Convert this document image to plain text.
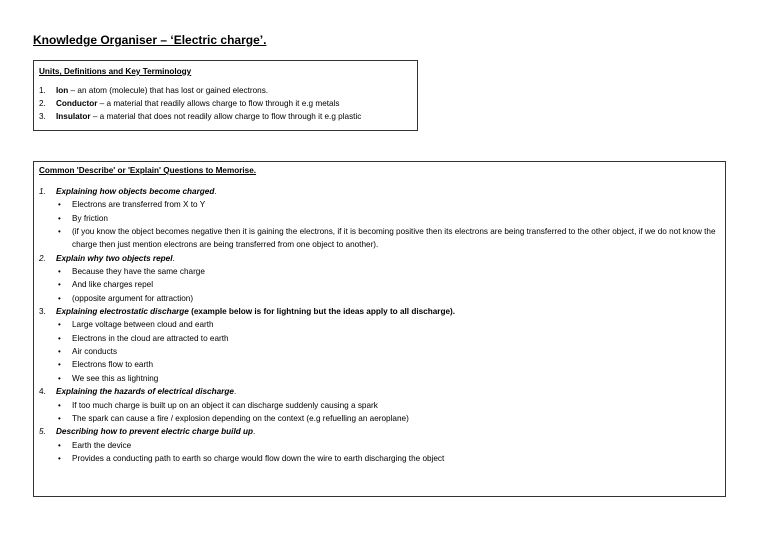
Knowledge Organiser – ‘Electric charge’.

Units, Definitions and Key Terminology

1. Ion – an atom (molecule) that has lost or gained electrons.
2. Conductor – a material that readily allows charge to flow through it e.g metals
3. Insulator – a material that does not readily allow charge to flow through it e.g plastic

Common 'Describe' or 'Explain' Questions to Memorise.

1. Explaining how objects become charged.
• Electrons are transferred from X to Y
• By friction
• (if you know the object becomes negative then it is gaining the electrons, if it is becoming positive then its electrons are being transferred to the other object, if we do not know the charge then just mention electrons are being transferred from one object to another).
2. Explain why two objects repel.
• Because they have the same charge
• And like charges repel
• (opposite argument for attraction)
3. Explaining electrostatic discharge (example below is for lightning but the ideas apply to all discharge).
• Large voltage between cloud and earth
• Electrons in the cloud are attracted to earth
• Air conducts
• Electrons flow to earth
• We see this as lightning
4. Explaining the hazards of electrical discharge.
• If too much charge is built up on an object it can discharge suddenly causing a spark
• The spark can cause a fire / explosion depending on the context (e.g refuelling an aeroplane)
5. Describing how to prevent electric charge build up.
• Earth the device
• Provides a conducting path to earth so charge would flow down the wire to earth discharging the object
